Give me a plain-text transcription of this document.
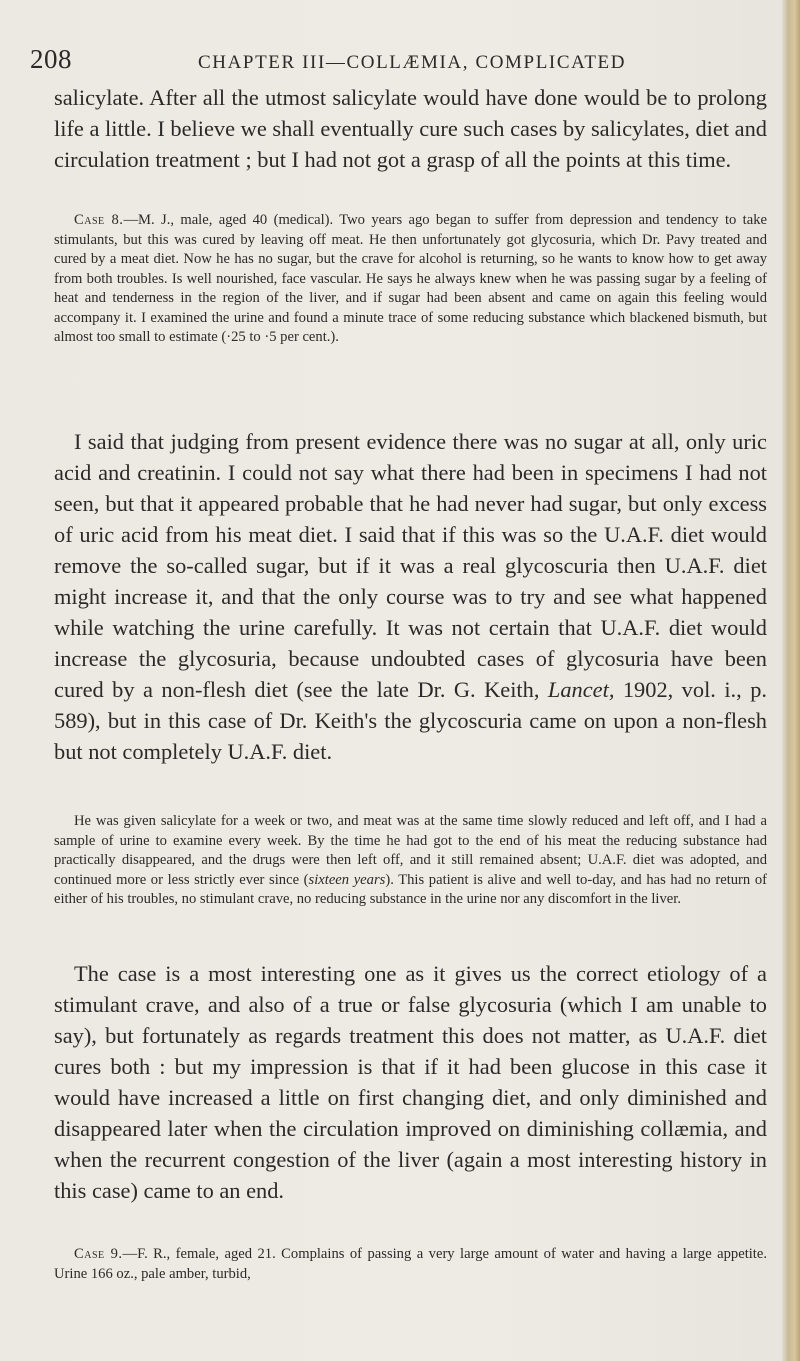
208	CHAPTER III—COLLÆMIA, COMPLICATED

salicylate. After all the utmost salicylate would have done would be to prolong life a little. I believe we shall eventually cure such cases by salicylates, diet and circulation treatment ; but I had not got a grasp of all the points at this time.

Case 8.—M. J., male, aged 40 (medical). Two years ago began to suffer from depression and tendency to take stimulants, but this was cured by leaving off meat. He then unfortunately got glycosuria, which Dr. Pavy treated and cured by a meat diet. Now he has no sugar, but the crave for alcohol is returning, so he wants to know how to get away from both troubles. Is well nourished, face vascular. He says he always knew when he was passing sugar by a feeling of heat and tenderness in the region of the liver, and if sugar had been absent and came on again this feeling would accompany it. I examined the urine and found a minute trace of some reducing substance which blackened bismuth, but almost too small to estimate (·25 to ·5 per cent.).

I said that judging from present evidence there was no sugar at all, only uric acid and creatinin. I could not say what there had been in specimens I had not seen, but that it appeared probable that he had never had sugar, but only excess of uric acid from his meat diet. I said that if this was so the U.A.F. diet would remove the so-called sugar, but if it was a real glycoscuria then U.A.F. diet might increase it, and that the only course was to try and see what happened while watching the urine carefully. It was not certain that U.A.F. diet would increase the glycosuria, because undoubted cases of glycosuria have been cured by a non-flesh diet (see the late Dr. G. Keith, Lancet, 1902, vol. i., p. 589), but in this case of Dr. Keith's the glycoscuria came on upon a non-flesh but not completely U.A.F. diet.

He was given salicylate for a week or two, and meat was at the same time slowly reduced and left off, and I had a sample of urine to examine every week. By the time he had got to the end of his meat the reducing substance had practically disappeared, and the drugs were then left off, and it still remained absent; U.A.F. diet was adopted, and continued more or less strictly ever since (sixteen years). This patient is alive and well to-day, and has had no return of either of his troubles, no stimulant crave, no reducing substance in the urine nor any discomfort in the liver.

The case is a most interesting one as it gives us the correct etiology of a stimulant crave, and also of a true or false glycosuria (which I am unable to say), but fortunately as regards treatment this does not matter, as U.A.F. diet cures both : but my impression is that if it had been glucose in this case it would have increased a little on first changing diet, and only diminished and disappeared later when the circulation improved on diminishing collæmia, and when the recurrent congestion of the liver (again a most interesting history in this case) came to an end.

Case 9.—F. R., female, aged 21. Complains of passing a very large amount of water and having a large appetite. Urine 166 oz., pale amber, turbid,
